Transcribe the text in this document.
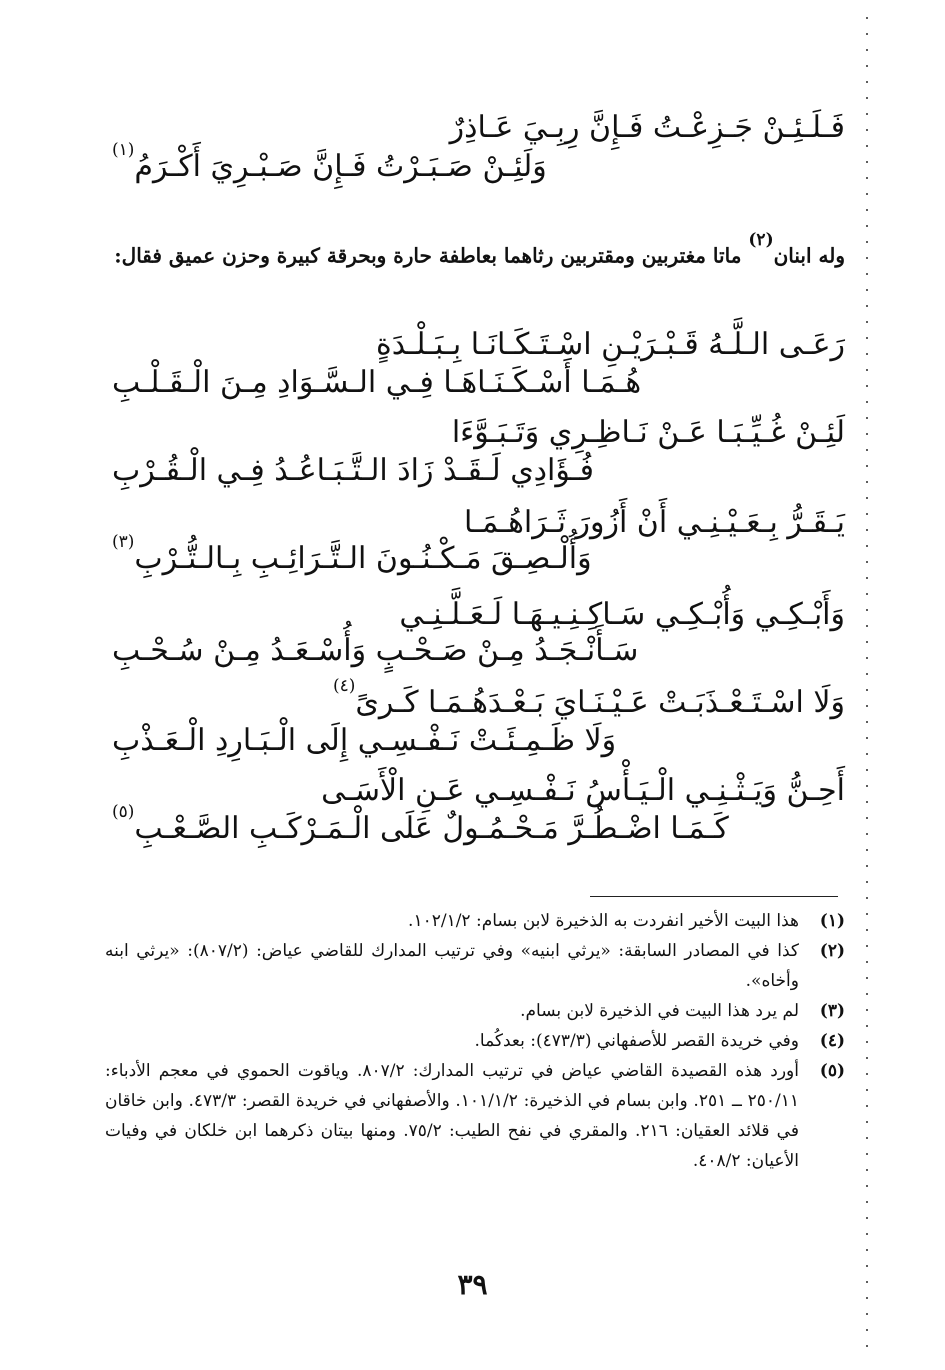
فَـلَـئِـنْ جَـزِعْـتُ فَـإِنَّ رِبِـيَ عَـاذِرٌ
وَلَئِـنْ صَـبَـرْتُ فَـإِنَّ صَـبْـرِيَ أَكْـرَمُ$^{(١)}$
وله ابنان$^{(٢)}$ ماتا مغتربين ومقتربين رثاهما بعاطفة حارة وبحرقة كبيرة وحزن عميق فقال:
رَعَـى الـلَّـهُ قَـبْـرَيْـنِ اسْـتَـكَـانَـا بِـبَـلْـدَةٍ
هُـمَـا أَسْـكَـنَـاهَـا فِـي الـسَّـوَادِ مِـنَ الْـقَـلْـبِ
لَئِـنْ غُـيِّـبَـا عَـنْ نَـاظِـرِي وَتَـبَـوَّءَا
فُـؤَادِي لَـقَـدْ زَادَ الـتَّـبَـاعُـدُ فِـي الْـقُـرْبِ
يَـقَـرُّ بِـعَـيْـنِـي أَنْ أَزُورَ ثَـرَاهُـمَـا
وَأُلْـصِـقَ مَـكْـنُـونَ الـتَّـرَائِـبِ بِـالـتُّـرْبِ$^{(٣)}$
وَأَبْـكِـي وَأُبْـكِـي سَـاكِـنِـيـهَـا لَـعَـلَّـنِـي
سَـأَنْـجَـدُ مِـنْ صَـحْـبٍ وَأُسْـعَـدُ مِـنْ سُـحْـبِ
وَلَا اسْـتَـعْـذَبَـتْ عَـيْـنَـايَ بَـعْـدَهُـمَـا كَـرىً$^{(٤)}$
وَلَا ظَـمِـئَـتْ نَـفْـسِـي إِلَى الْـبَـارِدِ الْـعَـذْبِ
أَحِـنُّ وَيَـثْـنِـي الْـيَـأْسُ نَـفْـسِـي عَـنِ الْأَسَـى
كَـمَـا اضْـطُـرَّ مَـحْـمُـولٌ عَلَى الْـمَـرْكَـبِ الصَّـعْـبِ$^{(٥)}$
(١)
هذا البيت الأخير انفردت به الذخيرة لابن بسام: ١٠٢/١/٢.
(٢)
كذا في المصادر السابقة: «يرثي ابنيه» وفي ترتيب المدارك للقاضي عياض: (٨٠٧/٢): «يرثي ابنه وأخاه».
(٣)
لم يرد هذا البيت في الذخيرة لابن بسام.
(٤)
وفي خريدة القصر للأصفهاني (٤٧٣/٣): بعدكُما.
(٥)
أورد هذه القصيدة القاضي عياض في ترتيب المدارك: ٨٠٧/٢. وياقوت الحموي في معجم الأدباء: ٢٥٠/١١ ــ ٢٥١. وابن بسام في الذخيرة: ١٠١/١/٢. والأصفهاني في خريدة القصر: ٤٧٣/٣. وابن خاقان في قلائد العقيان: ٢١٦. والمقري في نفح الطيب: ٧٥/٢. ومنها بيتان ذكرهما ابن خلكان في وفيات الأعيان: ٤٠٨/٢.
٣٩
